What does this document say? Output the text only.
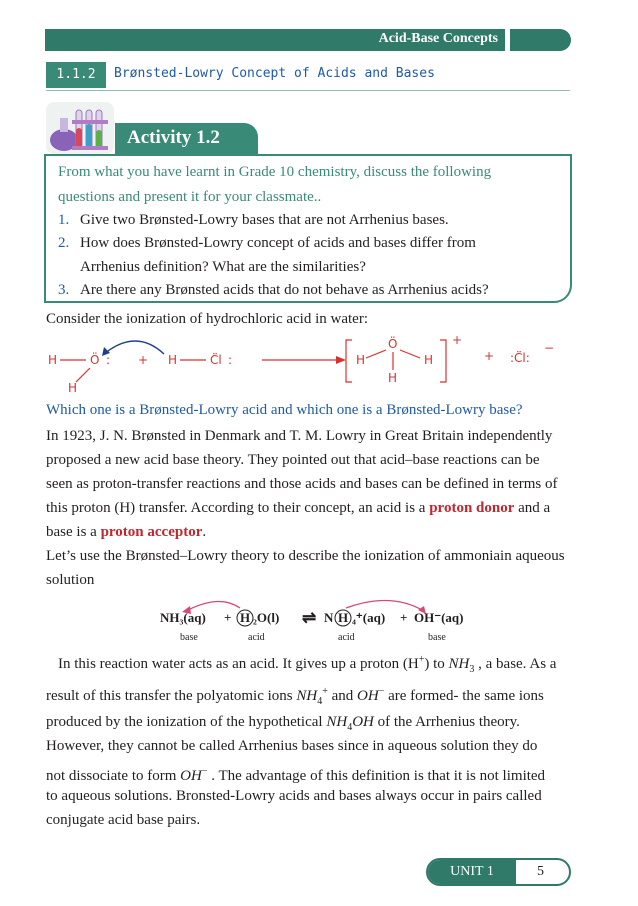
Acid-Base Concepts
1.1.2	Brønsted-Lowry Concept of Acids and Bases
Activity 1.2
From what you have learnt in Grade 10 chemistry, discuss the following
questions and present it for your classmate..
1. Give two Brønsted-Lowry bases that are not Arrhenius bases.
2. How does Brønsted-Lowry concept of acids and bases differ from
Arrhenius definition? What are the similarities?
3. Are there any Brønsted acids that do not behave as Arrhenius acids?
Consider the ionization of hydrochloric acid in water:
H	Ö :
H
+ H	C̈l :
Ö
H	H
H
+
+ :C̈l:
−
Which one is a Brønsted-Lowry acid and which one is a Brønsted-Lowry base?
In 1923, J. N. Brønsted in Denmark and T. M. Lowry in Great Britain independently
proposed a new acid base theory. They pointed out that acid–base reactions can be
seen as proton-transfer reactions and those acids and bases can be defined in terms of
this proton (H) transfer. According to their concept, an acid is a proton donor and a
base is a proton acceptor.
Let’s use the Brønsted–Lowry theory to describe the ionization of ammoniain aqueous
solution
NH₃(aq) + H ₂O(l) ⇌ N H ₄⁺(aq) + OH⁻(aq)
base	acid	acid	base
In this reaction water acts as an acid. It gives up a proton (H+) to $NH_3$ , a base. As a
result of this transfer the polyatomic ions $NH_4^+$ and OH− are formed- the same ions
produced by the ionization of the hypothetical $NH_4OH$ of the Arrhenius theory.
However, they cannot be called Arrhenius bases since in aqueous solution they do
not dissociate to form OH− . The advantage of this definition is that it is not limited
to aqueous solutions. Bronsted-Lowry acids and bases always occur in pairs called
conjugate acid base pairs.
UNIT 1	5
